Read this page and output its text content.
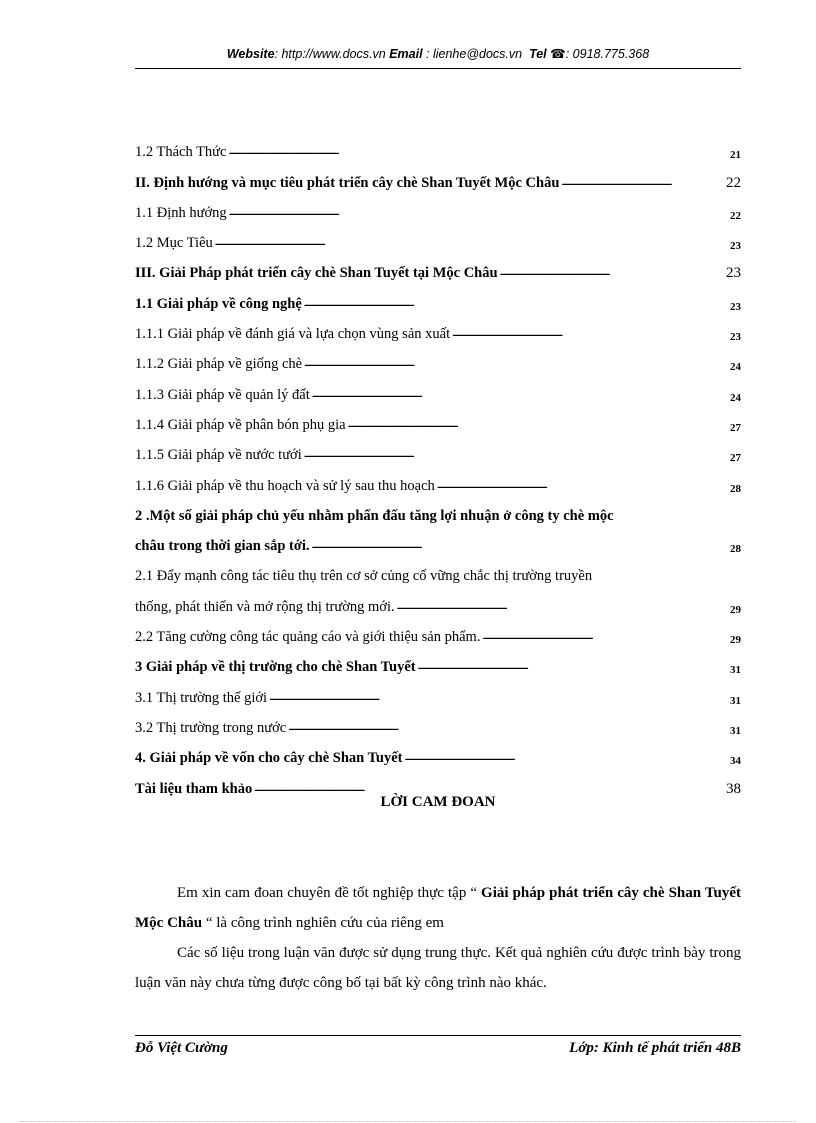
Website: http://www.docs.vn Email : lienhe@docs.vn Tel ☎: 0918.775.368
1.2 Thách Thức . . .	21
II. Định hướng và mục tiêu phát triển cây chè Shan Tuyết Mộc Châu . . .	22
1.1 Định hướng . . .	22
1.2 Mục Tiêu . . .	23
III. Giải Pháp phát triển cây chè Shan Tuyết tại Mộc Châu . . .	23
1.1 Giải pháp về công nghệ . . .	23
1.1.1 Giải pháp về đánh giá và lựa chọn vùng sản xuất . . .	23
1.1.2 Giải pháp về giống chè . . .	24
1.1.3 Giải pháp về quản lý đất . . .	24
1.1.4 Giải pháp về phân bón phụ gia . . .	27
1.1.5 Giải pháp về nước tưới . . .	27
1.1.6 Giải pháp về thu hoạch và sử lý sau thu hoạch . . .	28
2 .Một số giải pháp chủ yếu nhằm phấn đấu tăng lợi nhuận ở công ty chè mộc
châu trong thời gian sắp tới. . . .	28
2.1 Đẩy mạnh công tác tiêu thụ trên cơ sở củng cố vững chắc thị trường truyền
thống, phát thiển và mở rộng thị trường mới. . . .	29
2.2 Tăng cường công tác quảng cáo và giới thiệu sản phẩm. . . .	29
3 Giải pháp về thị trường cho chè Shan Tuyết . . .	31
3.1 Thị trường thế giới . . .	31
3.2 Thị trường trong nước . . .	31
4. Giải pháp về vốn cho cây chè Shan Tuyết . . .	34
Tài liệu tham khảo . . .	38
LỜI CAM ĐOAN
Em xin cam đoan chuyên đề tốt nghiệp thực tập “ Giải pháp phát triển cây chè Shan Tuyết Mộc Châu “ là công trình nghiên cứu của riêng em
Các số liệu trong luận văn được sử dụng trung thực. Kết quả nghiên cứu được trình bày trong luận văn này chưa từng được công bố tại bất kỳ công trình nào khác.
Đỗ Việt Cường	Lớp: Kinh tế phát triển 48B
